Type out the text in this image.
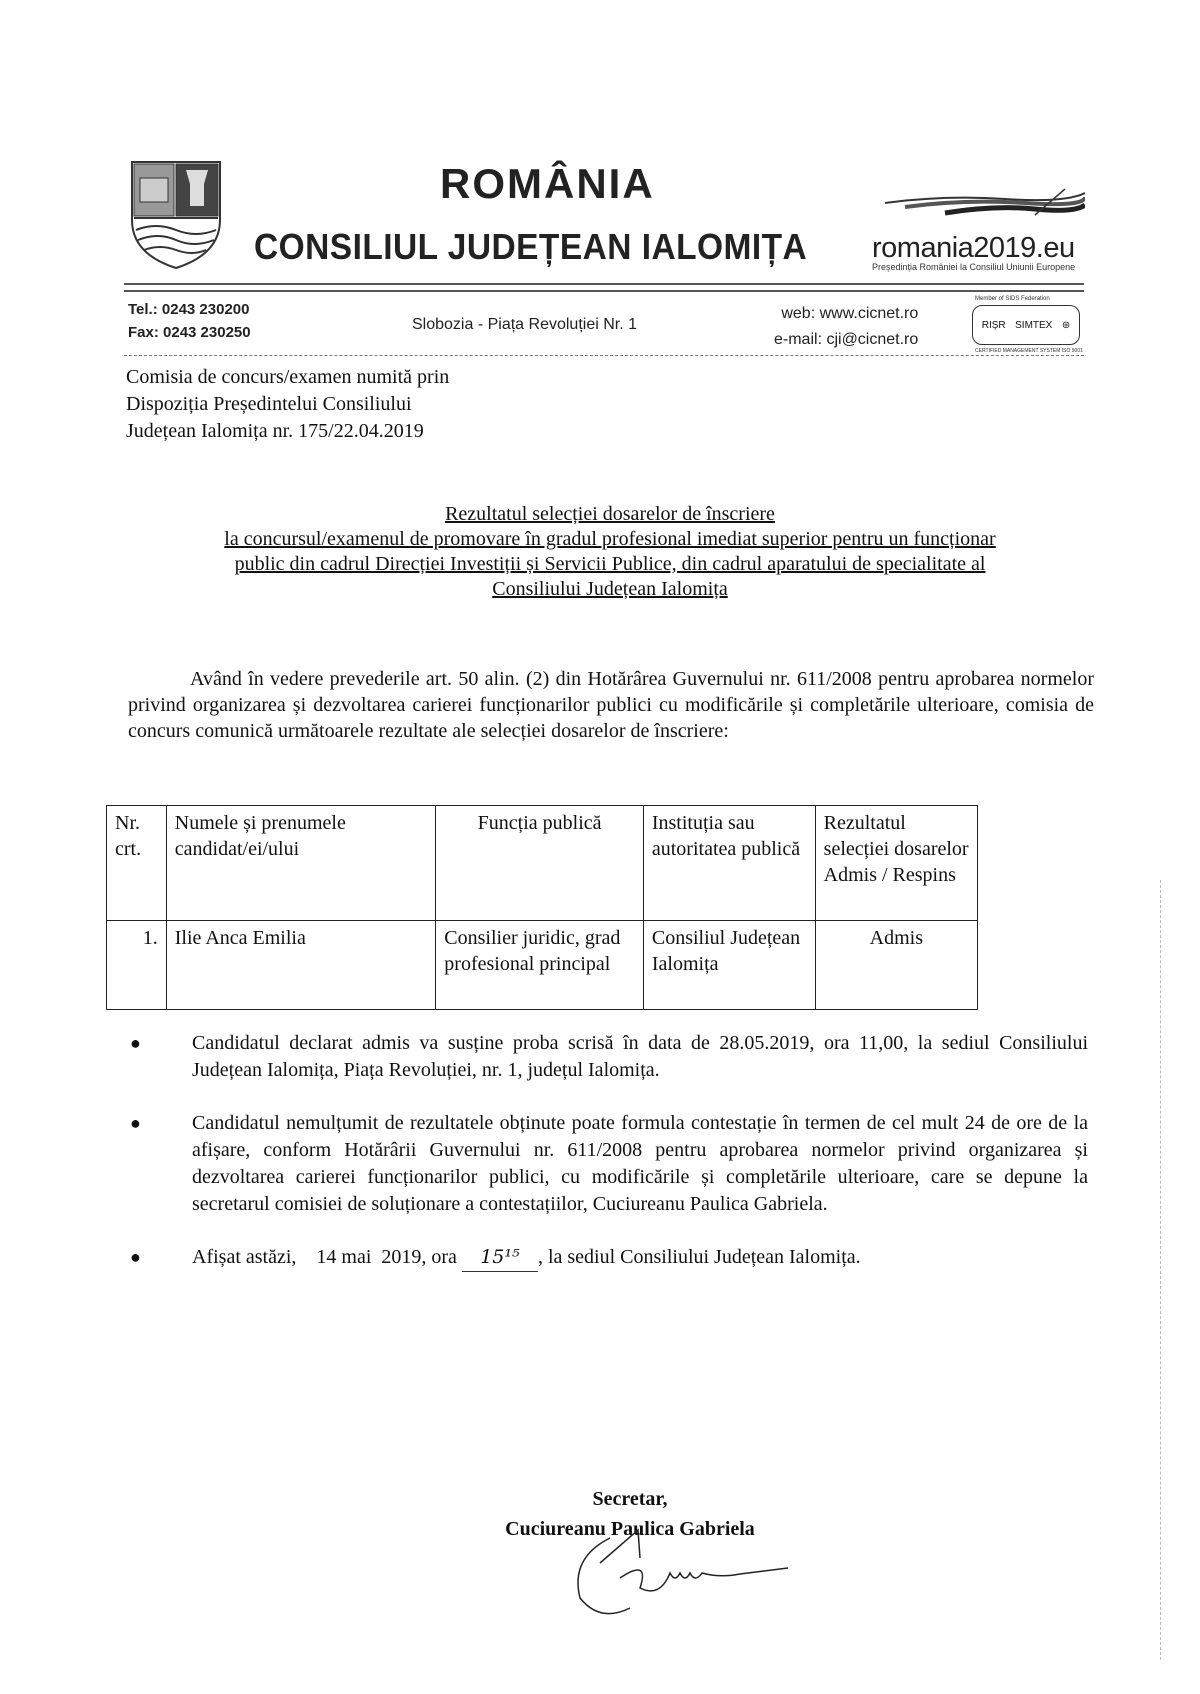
ROMÂNIA
CONSILIUL JUDEȚEAN IALOMIȚA romania2019.eu
Președinția României la Consiliul Uniunii Europene
Tel.: 0243 230200
Fax: 0243 230250	Slobozia - Piața Revoluției Nr. 1
web: www.cicnet.ro
e-mail: cji@cicnet.ro
Member of SIDS Federation
RIȘR SIMTEX ⊛
CERTIFIED MANAGEMENT SYSTEM ISO 9001
Comisia de concurs/examen numită prin
Dispoziția Președintelui Consiliului
Județean Ialomița nr. 175/22.04.2019
Rezultatul selecției dosarelor de înscriere
la concursul/examenul de promovare în gradul profesional imediat superior pentru un funcționar
public din cadrul Direcției Investiții și Servicii Publice, din cadrul aparatului de specialitate al
Consiliului Județean Ialomița
Având în vedere prevederile art. 50 alin. (2) din Hotărârea Guvernului nr. 611/2008 pentru aprobarea normelor privind organizarea și dezvoltarea carierei funcționarilor publici cu modificările și completările ulterioare, comisia de concurs comunică următoarele rezultate ale selecției dosarelor de înscriere:
Nr. crt.	Numele și prenumele candidat/ei/ului	Funcția publică	Instituția sau autoritatea publică	Rezultatul selecției dosarelor Admis / Respins
1.	Ilie Anca Emilia	Consilier juridic, grad profesional principal	Consiliul Județean Ialomița	Admis
●	Candidatul declarat admis va susține proba scrisă în data de 28.05.2019, ora 11,00, la sediul Consiliului Județean Ialomița, Piața Revoluției, nr. 1, județul Ialomița.
●	Candidatul nemulțumit de rezultatele obținute poate formula contestație în termen de cel mult 24 de ore de la afișare, conform Hotărârii Guvernului nr. 611/2008 pentru aprobarea normelor privind organizarea și dezvoltarea carierei funcționarilor publici, cu modificările și completările ulterioare, care se depune la secretarul comisiei de soluționare a contestațiilor, Cuciureanu Paulica Gabriela.
●	Afișat astăzi,    14 mai  2019, ora 15¹⁵ , la sediul Consiliului Județean Ialomița.
Secretar,
Cuciureanu Paulica Gabriela
